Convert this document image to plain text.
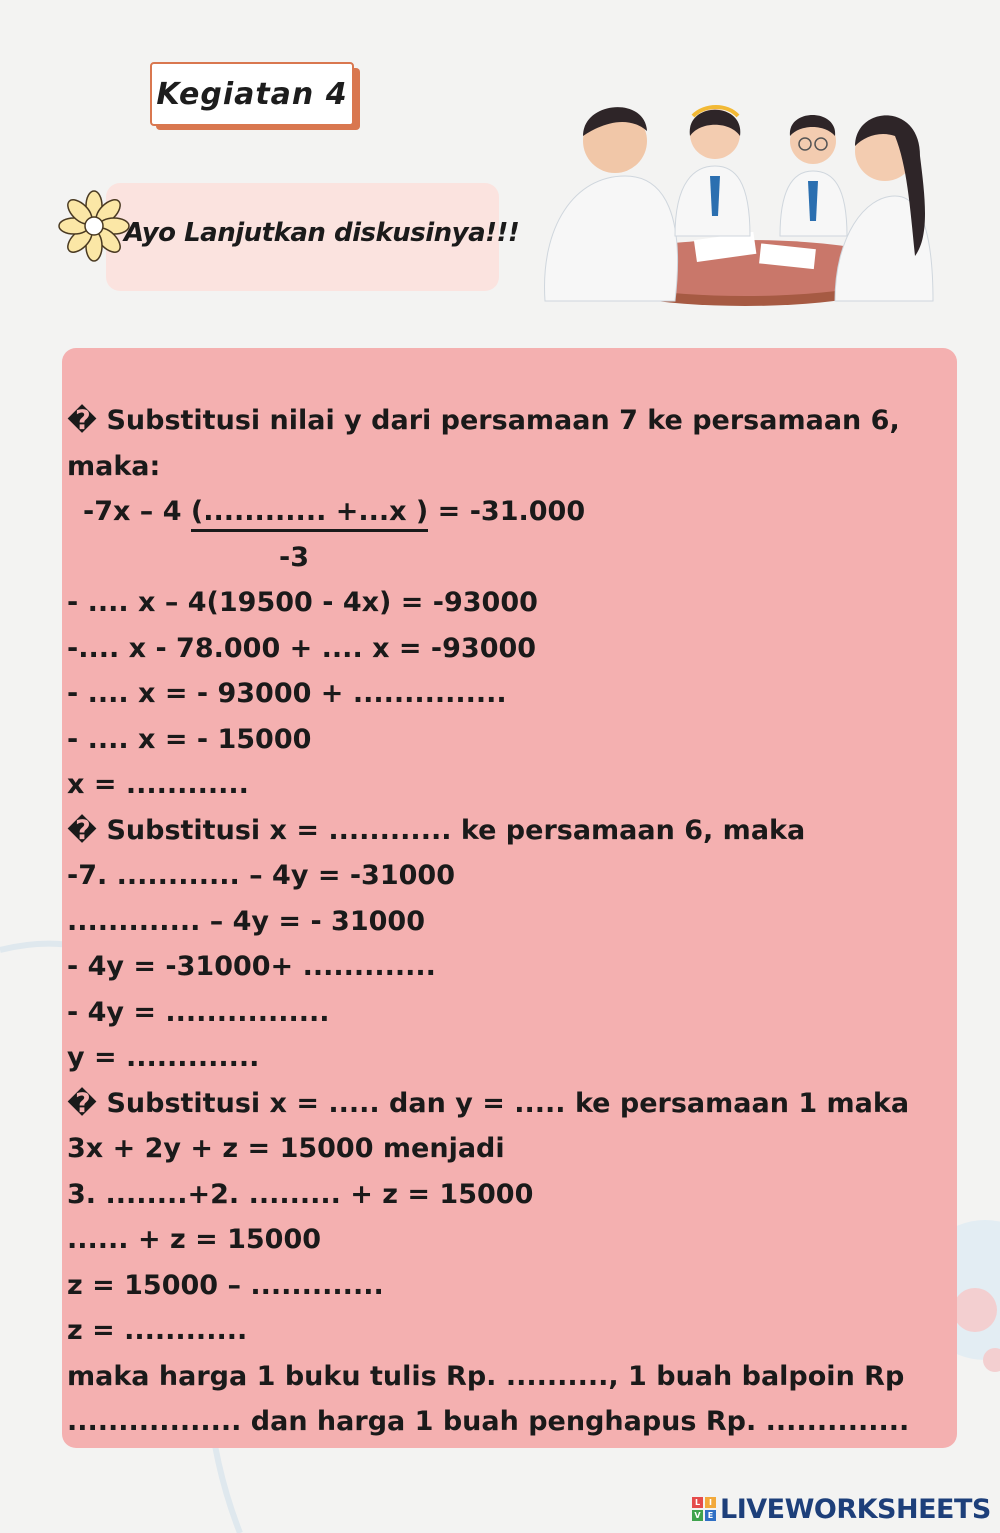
Kegiatan 4
Ayo Lanjutkan diskusinya!!!
� Substitusi nilai y dari persamaan 7 ke persamaan 6,
maka:
-7x – 4 (............ +...x ) = -31.000
-3
- .... x – 4(19500 - 4x) = -93000
-.... x - 78.000 + .... x = -93000
- .... x = - 93000 + ...............
- .... x = - 15000
x = ............
� Substitusi x = ............ ke persamaan 6, maka
-7. ............ – 4y = -31000
............. – 4y = - 31000
- 4y = -31000+ .............
- 4y = ................
y = .............
� Substitusi x = ..... dan y = ..... ke persamaan 1 maka
3x + 2y + z = 15000 menjadi
3. ........+2. ......... + z = 15000
...... + z = 15000
z = 15000 – .............
z = ............
maka harga 1 buku tulis Rp. .........., 1 buah balpoin Rp
................. dan harga 1 buah penghapus Rp. ..............
L	I
V E LIVEWORKSHEETS
